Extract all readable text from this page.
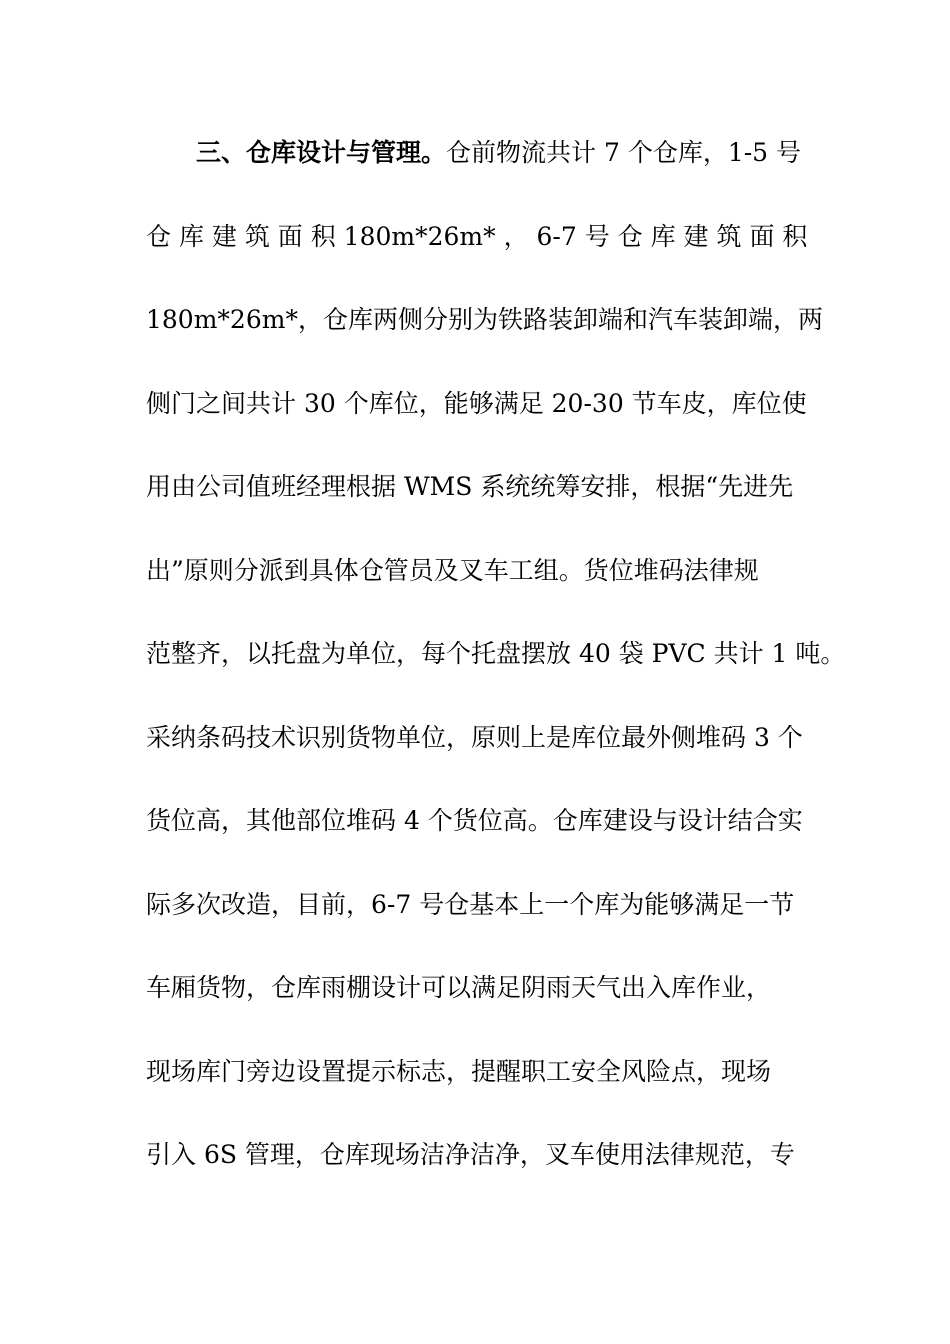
三、仓库设计与管理。仓前物流共计 7 个仓库，1-5 号
仓 库 建 筑 面 积 180m*26m* ， 6-7 号 仓 库 建 筑 面 积
180m*26m*，仓库两侧分别为铁路装卸端和汽车装卸端，两
侧门之间共计 30 个库位，能够满足 20-30 节车皮，库位使
用由公司值班经理根据 WMS 系统统筹安排，根据“先进先
出”原则分派到具体仓管员及叉车工组。货位堆码法律规
范整齐，以托盘为单位，每个托盘摆放 40 袋 PVC 共计 1 吨。
采纳条码技术识别货物单位，原则上是库位最外侧堆码 3 个
货位高，其他部位堆码 4 个货位高。仓库建设与设计结合实
际多次改造，目前，6-7 号仓基本上一个库为能够满足一节
车厢货物，仓库雨棚设计可以满足阴雨天气出入库作业，
现场库门旁边设置提示标志，提醒职工安全风险点，现场
引入 6S 管理，仓库现场洁净洁净，叉车使用法律规范，专
